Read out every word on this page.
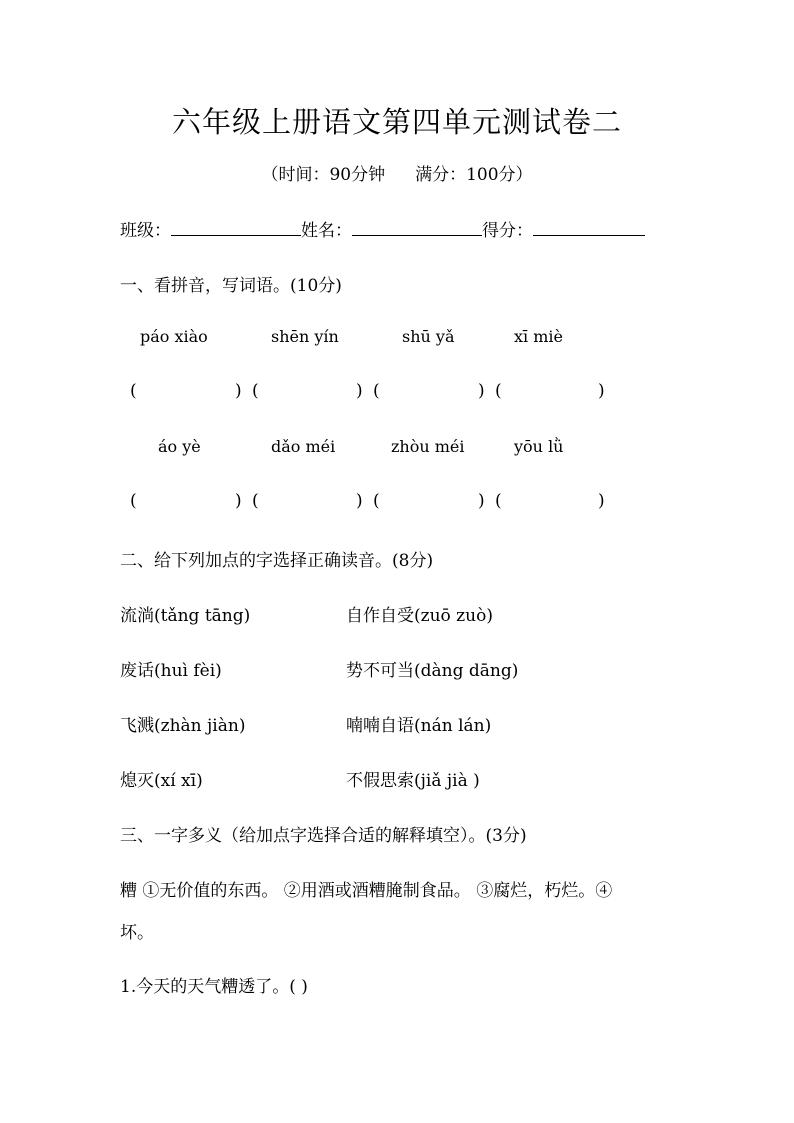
六年级上册语文第四单元测试卷二
（时间：90分钟 满分：100分）
班级：	姓名：	得分：
一、看拼音，写词语。(10分)
páo xiào	shēn yín	shū yǎ	xī miè
(	) (	) (	) (	)
áo yè	dǎo méi	zhòu méi	yōu lǜ
(	) (	) (	) (	)
二、给下列加点的字选择正确读音。(8分)
流淌(tǎng tāng)	自作自受(zuō zuò)
废话(huì fèi)	势不可当(dàng dāng)
飞溅(zhàn jiàn)	喃喃自语(nán lán)
熄灭(xí xī)	不假思索(jiǎ jià )
三、一字多义（给加点字选择合适的解释填空）。(3分)
糟 ①无价值的东西。 ②用酒或酒糟腌制食品。 ③腐烂，朽烂。④
坏。
1.今天的天气糟透了。( )
